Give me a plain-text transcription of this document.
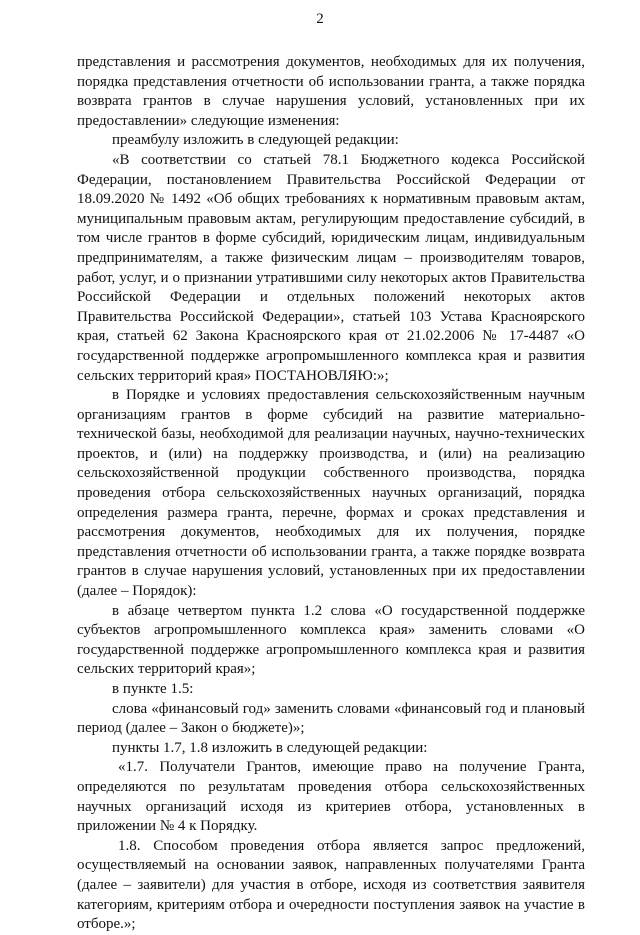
2

представления и рассмотрения документов, необходимых для их получения, порядка представления отчетности об использовании гранта, а также порядка возврата грантов в случае нарушения условий, установленных при их предоставлении» следующие изменения:

преамбулу изложить в следующей редакции:

«В соответствии со статьей 78.1 Бюджетного кодекса Российской Федерации, постановлением Правительства Российской Федерации от 18.09.2020 № 1492 «Об общих требованиях к нормативным правовым актам, муниципальным правовым актам, регулирующим предоставление субсидий, в том числе грантов в форме субсидий, юридическим лицам, индивидуальным предпринимателям, а также физическим лицам – производителям товаров, работ, услуг, и о признании утратившими силу некоторых актов Правительства Российской Федерации и отдельных положений некоторых актов Правительства Российской Федерации», статьей 103 Устава Красноярского края, статьей 62 Закона Красноярского края от 21.02.2006 № 17-4487 «О государственной поддержке агропромышленного комплекса края и развития сельских территорий края» ПОСТАНОВЛЯЮ:»;

в Порядке и условиях предоставления сельскохозяйственным научным организациям грантов в форме субсидий на развитие материально-технической базы, необходимой для реализации научных, научно-технических проектов, и (или) на поддержку производства, и (или) на реализацию сельскохозяйственной продукции собственного производства, порядка проведения отбора сельскохозяйственных научных организаций, порядка определения размера гранта, перечне, формах и сроках представления и рассмотрения документов, необходимых для их получения, порядке представления отчетности об использовании гранта, а также порядке возврата грантов в случае нарушения условий, установленных при их предоставлении (далее – Порядок):

в абзаце четвертом пункта 1.2 слова «О государственной поддержке субъектов агропромышленного комплекса края» заменить словами «О государственной поддержке агропромышленного комплекса края и развития сельских территорий края»;

в пункте 1.5:

слова «финансовый год» заменить словами «финансовый год и плановый период (далее – Закон о бюджете)»;

пункты 1.7, 1.8 изложить в следующей редакции:

«1.7. Получатели Грантов, имеющие право на получение Гранта, определяются по результатам проведения отбора сельскохозяйственных научных организаций исходя из критериев отбора, установленных в приложении № 4 к Порядку.

1.8. Способом проведения отбора является запрос предложений, осуществляемый на основании заявок, направленных получателями Гранта (далее – заявители) для участия в отборе, исходя из соответствия заявителя категориям, критериям отбора и очередности поступления заявок на участие в отборе.»;
